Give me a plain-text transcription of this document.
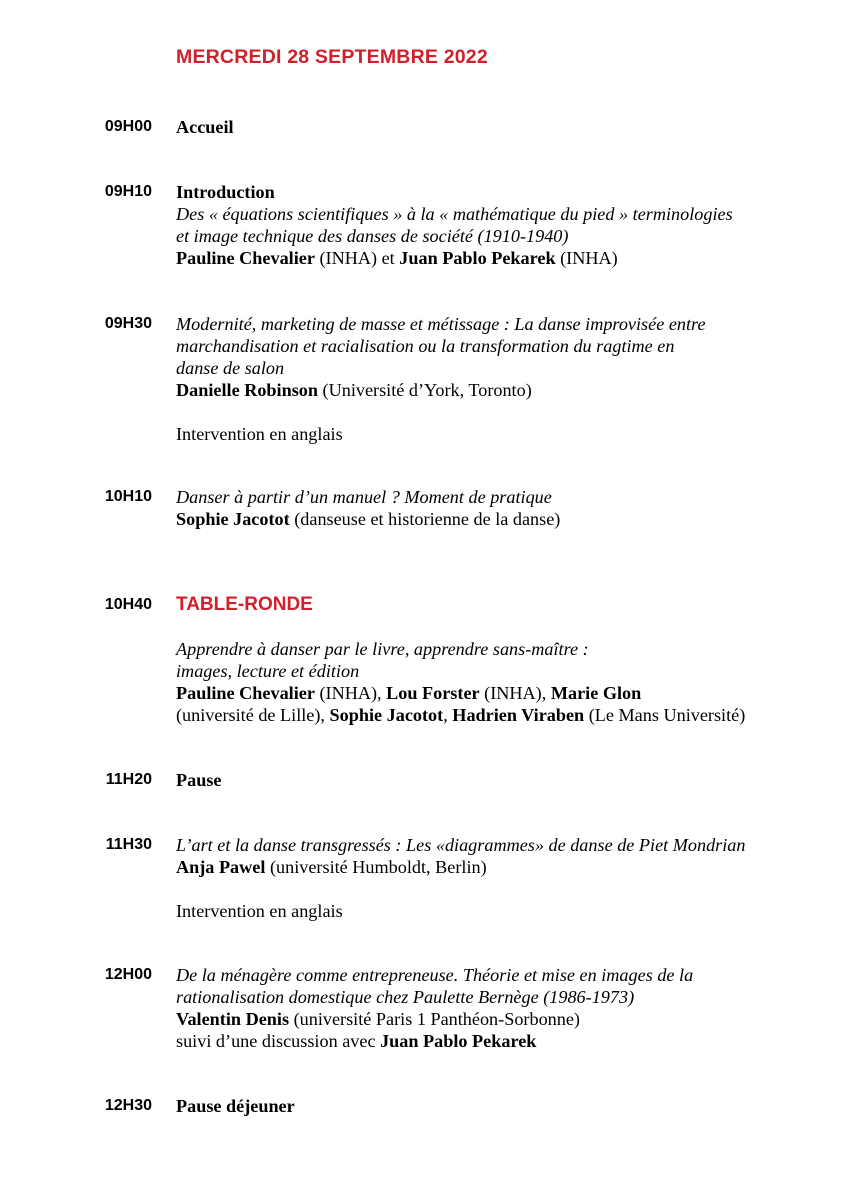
MERCREDI 28 SEPTEMBRE 2022
09H00 Accueil
09H10 Introduction
Des « équations scientifiques » à la « mathématique du pied » terminologies
et image technique des danses de société (1910-1940)
Pauline Chevalier (INHA) et Juan Pablo Pekarek (INHA)
09H30 Modernité, marketing de masse et métissage : La danse improvisée entre
marchandisation et racialisation ou la transformation du ragtime en
danse de salon
Danielle Robinson (Université d’York, Toronto)
Intervention en anglais
10H10 Danser à partir d’un manuel ? Moment de pratique
Sophie Jacotot (danseuse et historienne de la danse)
10H40 TABLE-RONDE
Apprendre à danser par le livre, apprendre sans-maître :
images, lecture et édition
Pauline Chevalier (INHA), Lou Forster (INHA), Marie Glon
(université de Lille), Sophie Jacotot, Hadrien Viraben (Le Mans Université)
11H20 Pause
11H30 L’art et la danse transgressés : Les «diagrammes» de danse de Piet Mondrian
Anja Pawel (université Humboldt, Berlin)
Intervention en anglais
12H00 De la ménagère comme entrepreneuse. Théorie et mise en images de la
rationalisation domestique chez Paulette Bernège (1986-1973)
Valentin Denis (université Paris 1 Panthéon-Sorbonne)
suivi d’une discussion avec Juan Pablo Pekarek
12H30 Pause déjeuner
